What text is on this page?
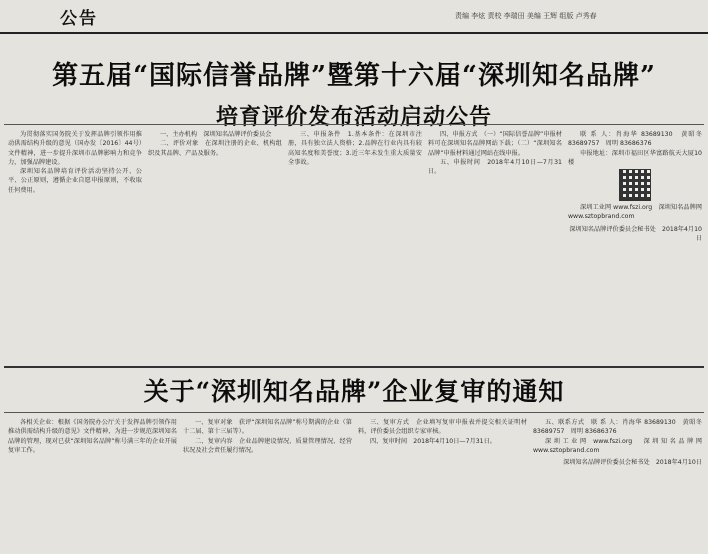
公告	责编 李炫 责校 李瑞田 美编 王辉 组版 卢秀春
第五届“国际信誉品牌”暨第十六届“深圳知名品牌”
培育评价发布活动启动公告

为贯彻落实国务院关于发挥品牌引领作用推动供需结构升级的意见（国办发〔2016〕44号）文件精神，进一步提升深圳市品牌影响力和竞争力，加强品牌建设。

深圳知名品牌培育评价活动坚持公开、公平、公正原则，遵循企业自愿申报原则，不收取任何费用。

一、主办机构　深圳知名品牌评价委员会

二、评价对象　在深圳注册的企业、机构组织及其品牌、产品及服务。

三、申报条件　1.基本条件：在深圳市注册，具有独立法人资格；2.品牌在行业内具有较高知名度和美誉度；3.近三年未发生重大质量安全事故。

四、申报方式　（一）“国际信誉品牌”申报材料可在深圳知名品牌网站下载；（二）“深圳知名品牌”申报材料通过网站在线申报。

五、申报时间　2018年4月10日—7月31日。

联 系 人：肖海华 83689130　黄昭冬 83689757　周明 83686376

申报地址：深圳市福田区华富路航天大厦10楼

深圳工业网 www.fszi.org　深圳知名品牌网 www.sztopbrand.com

深圳知名品牌评价委员会秘书处　2018年4月10日

关于“深圳知名品牌”企业复审的通知

各相关企业：根据《国务院办公厅关于发挥品牌引领作用推动供需结构升级的意见》文件精神，为进一步规范深圳知名品牌的管理，现对已获“深圳知名品牌”称号满三年的企业开展复审工作。

一、复审对象　获评“深圳知名品牌”称号期满的企业（第十二届、第十三届等）。

二、复审内容　企业品牌建设情况、质量管理情况、经营状况及社会责任履行情况。

三、复审方式　企业填写复审申报表并提交相关证明材料，评价委员会组织专家审核。

四、复审时间　2018年4月10日—7月31日。

五、联系方式　联 系 人：肖海华 83689130　黄昭冬 83689757　周明 83686376

深圳工业网 www.fszi.org　深圳知名品牌网 www.sztopbrand.com

深圳知名品牌评价委员会秘书处　2018年4月10日
